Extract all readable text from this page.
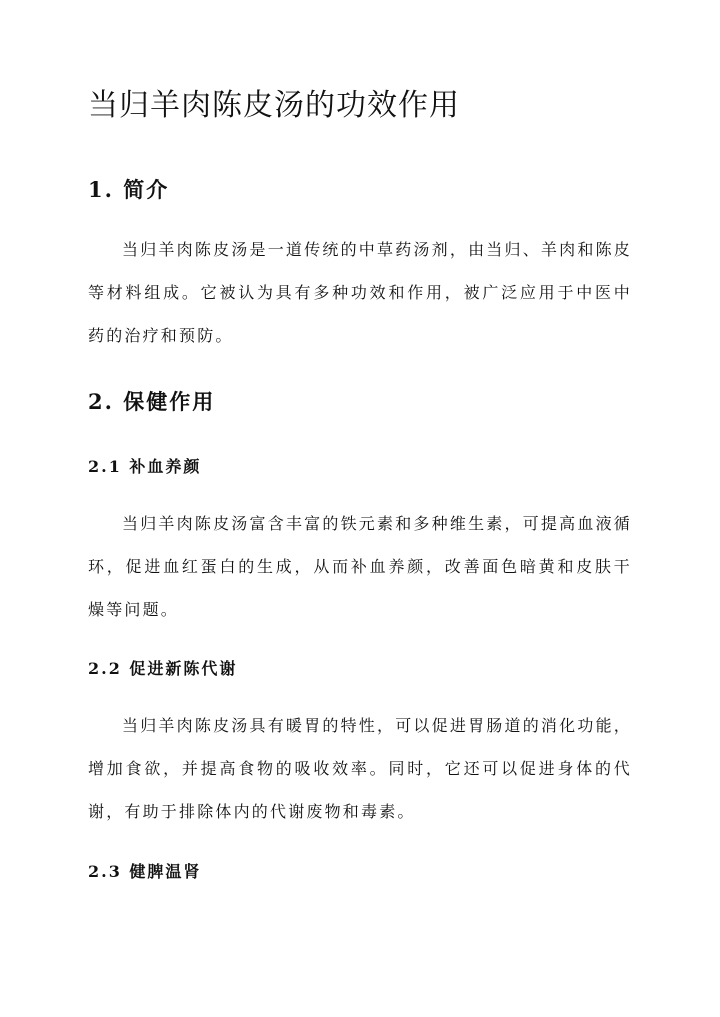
当归羊肉陈皮汤的功效作用
1. 简介

当归羊肉陈皮汤是一道传统的中草药汤剂，由当归、羊肉和陈皮等材料组成。它被认为具有多种功效和作用，被广泛应用于中医中药的治疗和预防。

2. 保健作用
2.1 补血养颜

当归羊肉陈皮汤富含丰富的铁元素和多种维生素，可提高血液循环，促进血红蛋白的生成，从而补血养颜，改善面色暗黄和皮肤干燥等问题。

2.2 促进新陈代谢

当归羊肉陈皮汤具有暖胃的特性，可以促进胃肠道的消化功能，增加食欲，并提高食物的吸收效率。同时，它还可以促进身体的代谢，有助于排除体内的代谢废物和毒素。

2.3 健脾温肾
